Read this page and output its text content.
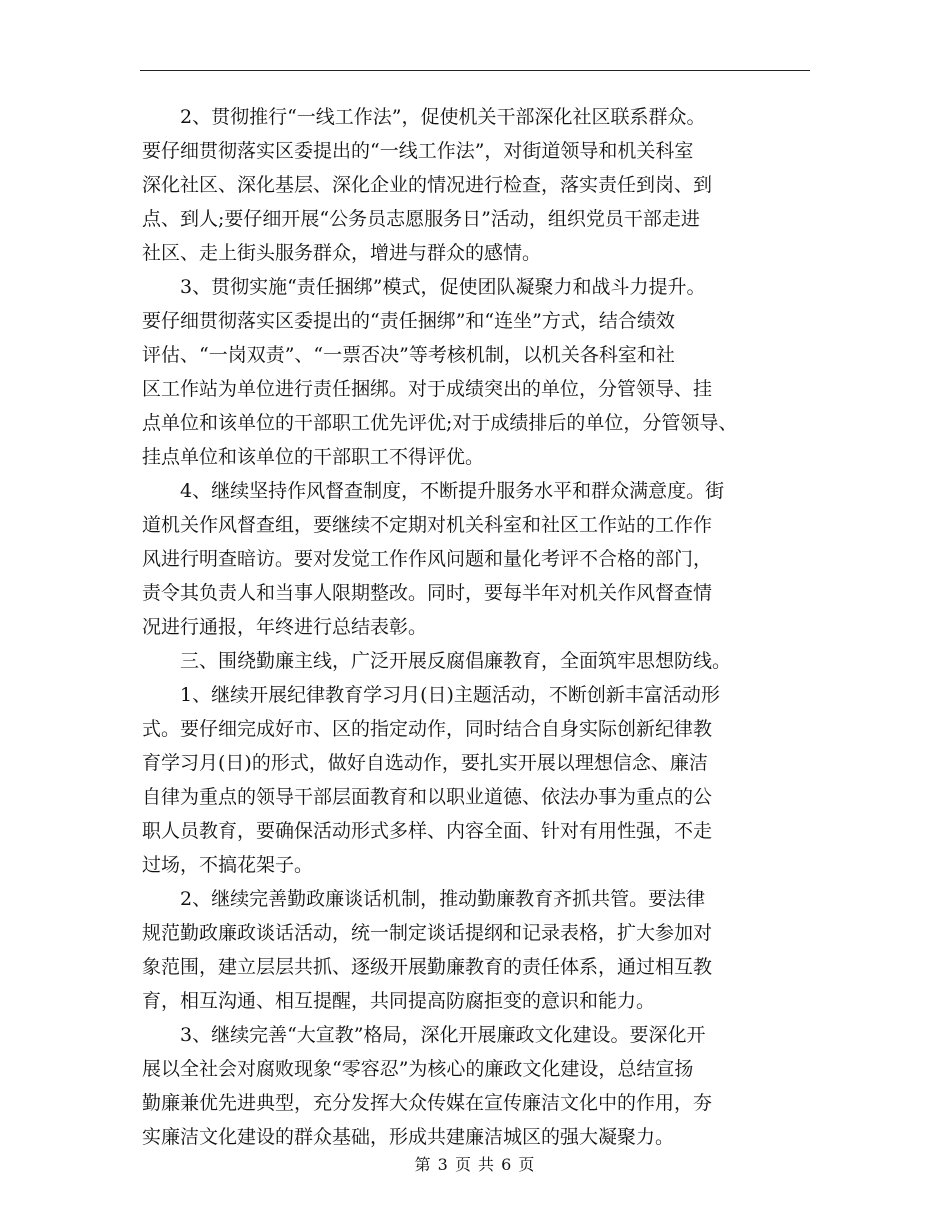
　　2、贯彻推行“一线工作法”，促使机关干部深化社区联系群众。
要仔细贯彻落实区委提出的“一线工作法”，对街道领导和机关科室
深化社区、深化基层、深化企业的情况进行检查，落实责任到岗、到
点、到人;要仔细开展“公务员志愿服务日”活动，组织党员干部走进
社区、走上街头服务群众，增进与群众的感情。

　　3、贯彻实施“责任捆绑”模式，促使团队凝聚力和战斗力提升。
要仔细贯彻落实区委提出的“责任捆绑”和“连坐”方式，结合绩效
评估、“一岗双责”、“一票否决”等考核机制，以机关各科室和社
区工作站为单位进行责任捆绑。对于成绩突出的单位，分管领导、挂
点单位和该单位的干部职工优先评优;对于成绩排后的单位，分管领导、
挂点单位和该单位的干部职工不得评优。

　　4、继续坚持作风督查制度，不断提升服务水平和群众满意度。街
道机关作风督查组，要继续不定期对机关科室和社区工作站的工作作
风进行明查暗访。要对发觉工作作风问题和量化考评不合格的部门，
责令其负责人和当事人限期整改。同时，要每半年对机关作风督查情
况进行通报，年终进行总结表彰。

　　三、围绕勤廉主线，广泛开展反腐倡廉教育，全面筑牢思想防线。

　　1、继续开展纪律教育学习月(日)主题活动，不断创新丰富活动形
式。要仔细完成好市、区的指定动作，同时结合自身实际创新纪律教
育学习月(日)的形式，做好自选动作，要扎实开展以理想信念、廉洁
自律为重点的领导干部层面教育和以职业道德、依法办事为重点的公
职人员教育，要确保活动形式多样、内容全面、针对有用性强，不走
过场，不搞花架子。

　　2、继续完善勤政廉谈话机制，推动勤廉教育齐抓共管。要法律
规范勤政廉政谈话活动，统一制定谈话提纲和记录表格，扩大参加对
象范围，建立层层共抓、逐级开展勤廉教育的责任体系，通过相互教
育，相互沟通、相互提醒，共同提高防腐拒变的意识和能力。

　　3、继续完善“大宣教”格局，深化开展廉政文化建设。要深化开
展以全社会对腐败现象“零容忍”为核心的廉政文化建设，总结宣扬
勤廉兼优先进典型，充分发挥大众传媒在宣传廉洁文化中的作用，夯
实廉洁文化建设的群众基础，形成共建廉洁城区的强大凝聚力。

第 3 页 共 6 页
